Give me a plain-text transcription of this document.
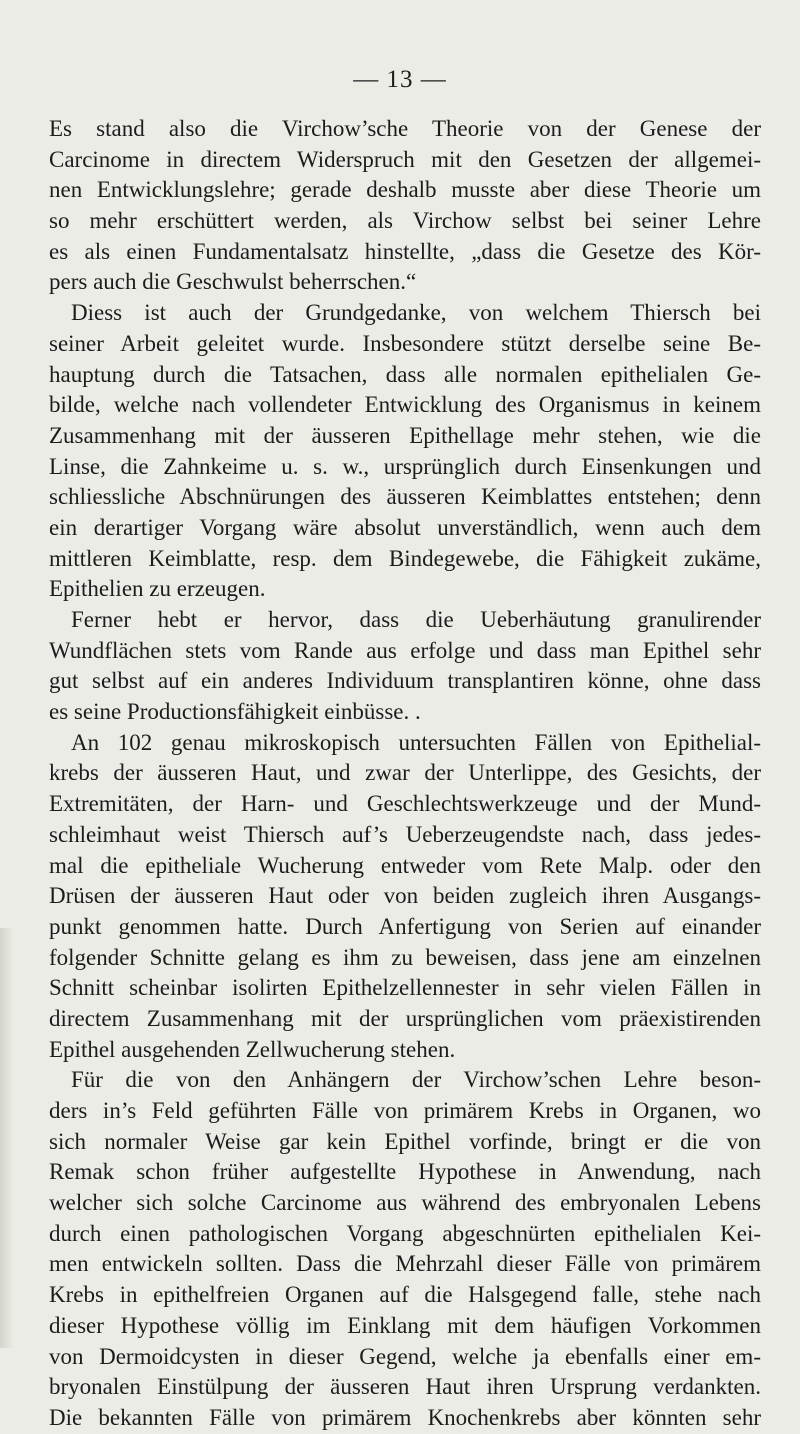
— 13 —
Es stand also die Virchow’sche Theorie von der Genese der
Carcinome in directem Widerspruch mit den Gesetzen der allgemei-
nen Entwicklungslehre; gerade deshalb musste aber diese Theorie um
so mehr erschüttert werden, als Virchow selbst bei seiner Lehre
es als einen Fundamentalsatz hinstellte, „dass die Gesetze des Kör-
pers auch die Geschwulst beherrschen.“
Diess ist auch der Grundgedanke, von welchem Thiersch bei
seiner Arbeit geleitet wurde. Insbesondere stützt derselbe seine Be-
hauptung durch die Tatsachen, dass alle normalen epithelialen Ge-
bilde, welche nach vollendeter Entwicklung des Organismus in keinem
Zusammenhang mit der äusseren Epithellage mehr stehen, wie die
Linse, die Zahnkeime u. s. w., ursprünglich durch Einsenkungen und
schliessliche Abschnürungen des äusseren Keimblattes entstehen; denn
ein derartiger Vorgang wäre absolut unverständlich, wenn auch dem
mittleren Keimblatte, resp. dem Bindegewebe, die Fähigkeit zukäme,
Epithelien zu erzeugen.
Ferner hebt er hervor, dass die Ueberhäutung granulirender
Wundflächen stets vom Rande aus erfolge und dass man Epithel sehr
gut selbst auf ein anderes Individuum transplantiren könne, ohne dass
es seine Productionsfähigkeit einbüsse. .
An 102 genau mikroskopisch untersuchten Fällen von Epithelial-
krebs der äusseren Haut, und zwar der Unterlippe, des Gesichts, der
Extremitäten, der Harn- und Geschlechtswerkzeuge und der Mund-
schleimhaut weist Thiersch auf’s Ueberzeugendste nach, dass jedes-
mal die epitheliale Wucherung entweder vom Rete Malp. oder den
Drüsen der äusseren Haut oder von beiden zugleich ihren Ausgangs-
punkt genommen hatte. Durch Anfertigung von Serien auf einander
folgender Schnitte gelang es ihm zu beweisen, dass jene am einzelnen
Schnitt scheinbar isolirten Epithelzellennester in sehr vielen Fällen in
directem Zusammenhang mit der ursprünglichen vom präexistirenden
Epithel ausgehenden Zellwucherung stehen.
Für die von den Anhängern der Virchow’schen Lehre beson-
ders in’s Feld geführten Fälle von primärem Krebs in Organen, wo
sich normaler Weise gar kein Epithel vorfinde, bringt er die von
Remak schon früher aufgestellte Hypothese in Anwendung, nach
welcher sich solche Carcinome aus während des embryonalen Lebens
durch einen pathologischen Vorgang abgeschnürten epithelialen Kei-
men entwickeln sollten. Dass die Mehrzahl dieser Fälle von primärem
Krebs in epithelfreien Organen auf die Halsgegend falle, stehe nach
dieser Hypothese völlig im Einklang mit dem häufigen Vorkommen
von Dermoidcysten in dieser Gegend, welche ja ebenfalls einer em-
bryonalen Einstülpung der äusseren Haut ihren Ursprung verdankten.
Die bekannten Fälle von primärem Knochenkrebs aber könnten sehr
